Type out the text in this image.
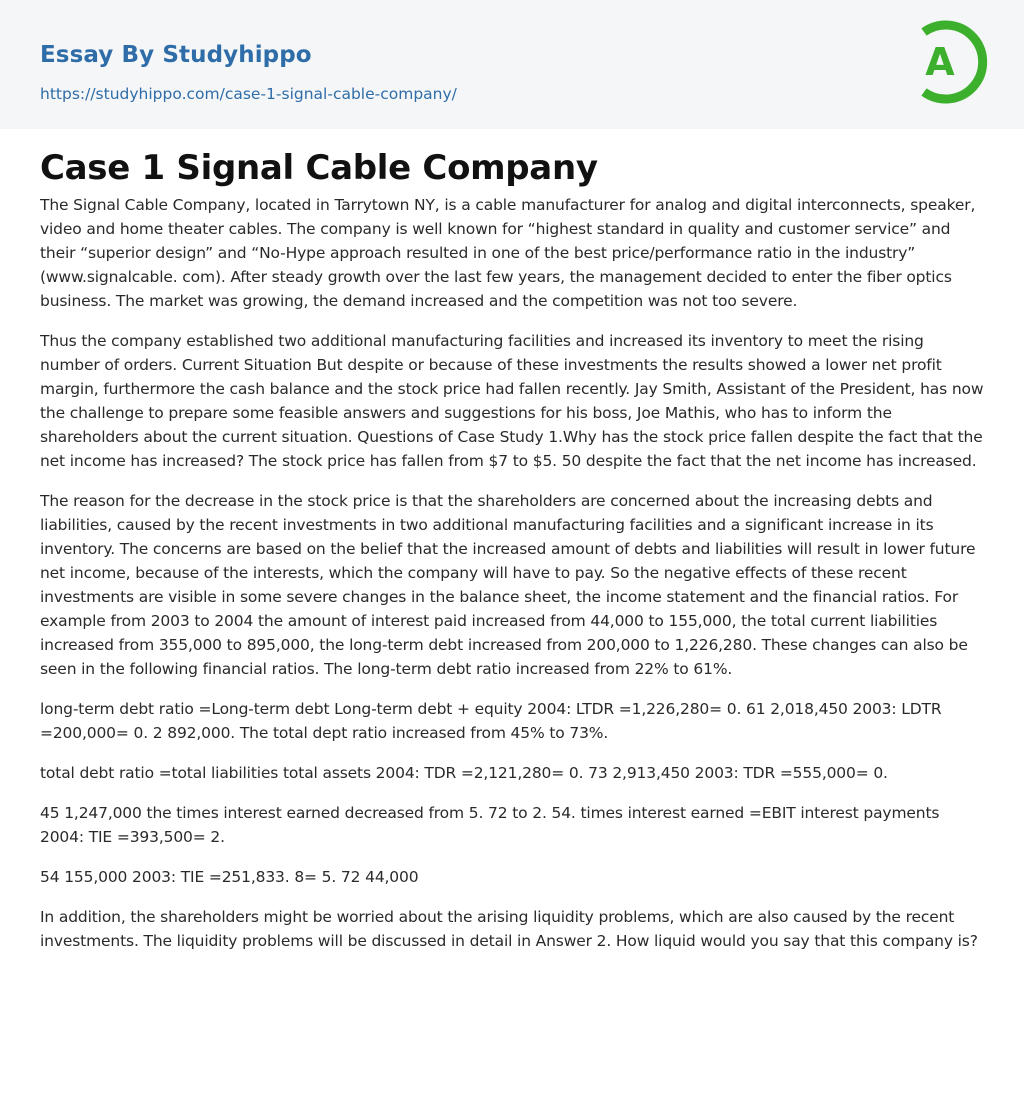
Essay By Studyhippo
https://studyhippo.com/case-1-signal-cable-company/
A
Case 1 Signal Cable Company

The Signal Cable Company, located in Tarrytown NY, is a cable manufacturer for analog and digital interconnects, speaker, video and home theater cables. The company is well known for “highest standard in quality and customer service” and their “superior design” and “No-Hype approach resulted in one of the best price/performance ratio in the industry” (www.signalcable. com). After steady growth over the last few years, the management decided to enter the fiber optics business. The market was growing, the demand increased and the competition was not too severe.

Thus the company established two additional manufacturing facilities and increased its inventory to meet the rising number of orders. Current Situation But despite or because of these investments the results showed a lower net profit margin, furthermore the cash balance and the stock price had fallen recently. Jay Smith, Assistant of the President, has now the challenge to prepare some feasible answers and suggestions for his boss, Joe Mathis, who has to inform the shareholders about the current situation. Questions of Case Study 1.Why has the stock price fallen despite the fact that the net income has increased? The stock price has fallen from $7 to $5. 50 despite the fact that the net income has increased.

The reason for the decrease in the stock price is that the shareholders are concerned about the increasing debts and liabilities, caused by the recent investments in two additional manufacturing facilities and a significant increase in its inventory. The concerns are based on the belief that the increased amount of debts and liabilities will result in lower future net income, because of the interests, which the company will have to pay. So the negative effects of these recent investments are visible in some severe changes in the balance sheet, the income statement and the financial ratios. For example from 2003 to 2004 the amount of interest paid increased from 44,000 to 155,000, the total current liabilities increased from 355,000 to 895,000, the long-term debt increased from 200,000 to 1,226,280. These changes can also be seen in the following financial ratios. The long-term debt ratio increased from 22% to 61%.

long-term debt ratio =Long-term debt Long-term debt + equity 2004: LTDR =1,226,280= 0. 61 2,018,450 2003: LDTR =200,000= 0. 2 892,000. The total dept ratio increased from 45% to 73%.

total debt ratio =total liabilities total assets 2004: TDR =2,121,280= 0. 73 2,913,450 2003: TDR =555,000= 0.

45 1,247,000 the times interest earned decreased from 5. 72 to 2. 54. times interest earned =EBIT interest payments 2004: TIE =393,500= 2.

54 155,000 2003: TIE =251,833. 8= 5. 72 44,000

In addition, the shareholders might be worried about the arising liquidity problems, which are also caused by the recent investments. The liquidity problems will be discussed in detail in Answer 2. How liquid would you say that this company is?
